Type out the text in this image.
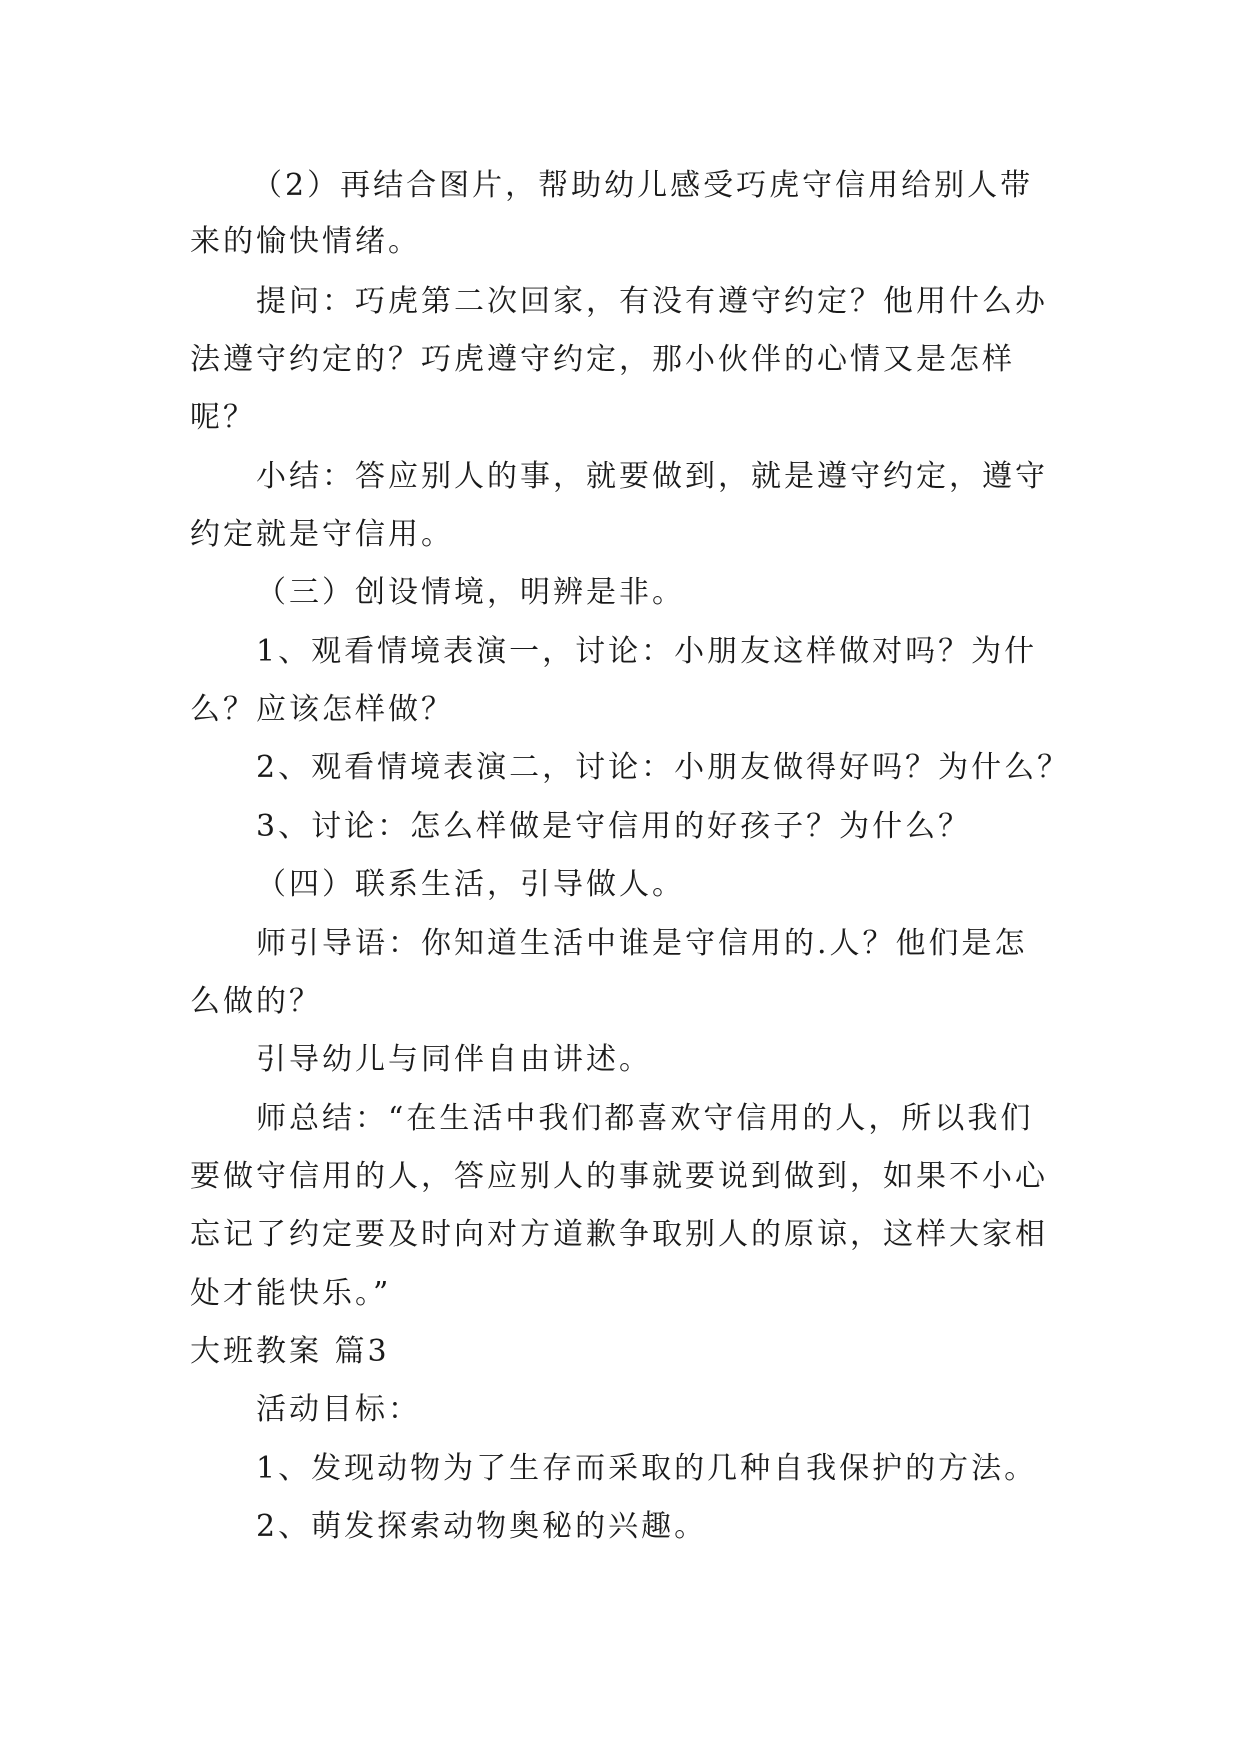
（2）再结合图片，帮助幼儿感受巧虎守信用给别人带
来的愉快情绪。
提问：巧虎第二次回家，有没有遵守约定？他用什么办
法遵守约定的？巧虎遵守约定，那小伙伴的心情又是怎样
呢？
小结：答应别人的事，就要做到，就是遵守约定，遵守
约定就是守信用。
（三）创设情境，明辨是非。
1、观看情境表演一，讨论：小朋友这样做对吗？为什
么？应该怎样做？
2、观看情境表演二，讨论：小朋友做得好吗？为什么？
3、讨论：怎么样做是守信用的好孩子？为什么？
（四）联系生活，引导做人。
师引导语：你知道生活中谁是守信用的.人？他们是怎
么做的？
引导幼儿与同伴自由讲述。
师总结：“在生活中我们都喜欢守信用的人，所以我们
要做守信用的人，答应别人的事就要说到做到，如果不小心
忘记了约定要及时向对方道歉争取别人的原谅，这样大家相
处才能快乐。”
大班教案 篇3
活动目标：
1、发现动物为了生存而采取的几种自我保护的方法。
2、萌发探索动物奥秘的兴趣。
